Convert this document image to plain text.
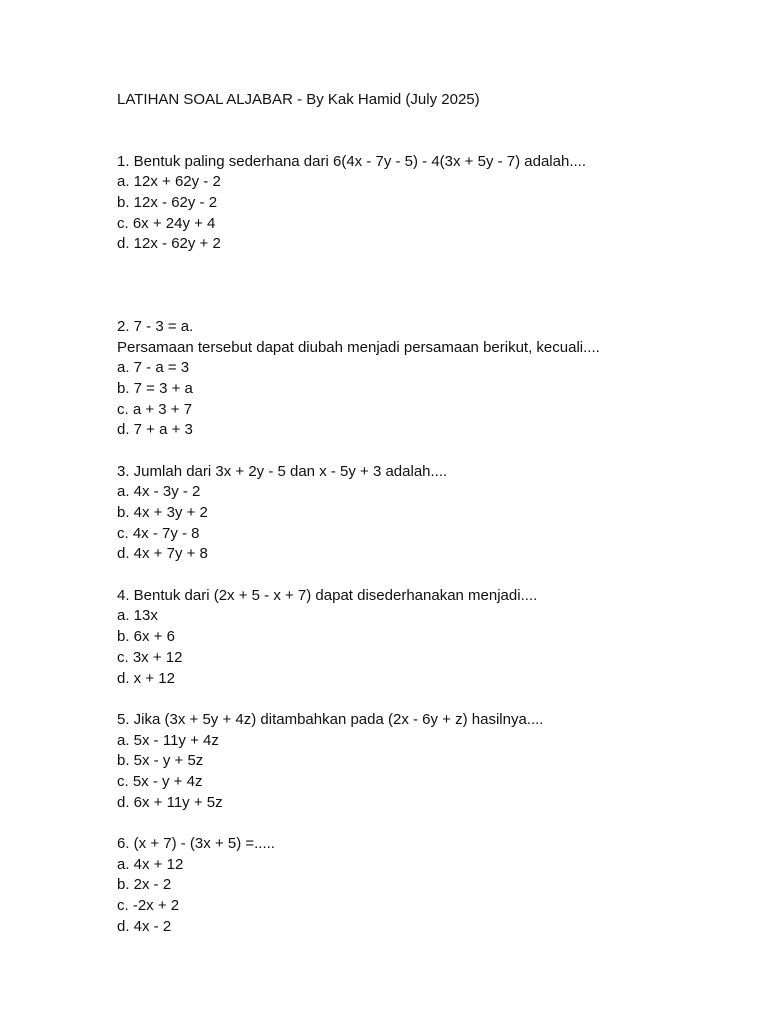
LATIHAN SOAL ALJABAR - By Kak Hamid (July 2025)
1. Bentuk paling sederhana dari 6(4x - 7y - 5) - 4(3x + 5y - 7) adalah....
a. 12x + 62y - 2
b. 12x - 62y - 2
c. 6x + 24y + 4
d. 12x - 62y + 2
2. 7 - 3 = a.
Persamaan tersebut dapat diubah menjadi persamaan berikut, kecuali....
a. 7 - a = 3
b. 7 = 3 + a
c. a + 3 + 7
d. 7 + a + 3
3. Jumlah dari 3x + 2y - 5 dan x - 5y + 3 adalah....
a. 4x - 3y - 2
b. 4x + 3y + 2
c. 4x - 7y - 8
d. 4x + 7y + 8
4. Bentuk dari (2x + 5 - x + 7) dapat disederhanakan menjadi....
a. 13x
b. 6x + 6
c. 3x + 12
d. x + 12
5. Jika (3x + 5y + 4z) ditambahkan pada (2x - 6y + z) hasilnya....
a. 5x - 11y + 4z
b. 5x - y + 5z
c. 5x - y + 4z
d. 6x + 11y + 5z
6. (x + 7) - (3x + 5) =.....
a. 4x + 12
b. 2x - 2
c. -2x + 2
d. 4x - 2
